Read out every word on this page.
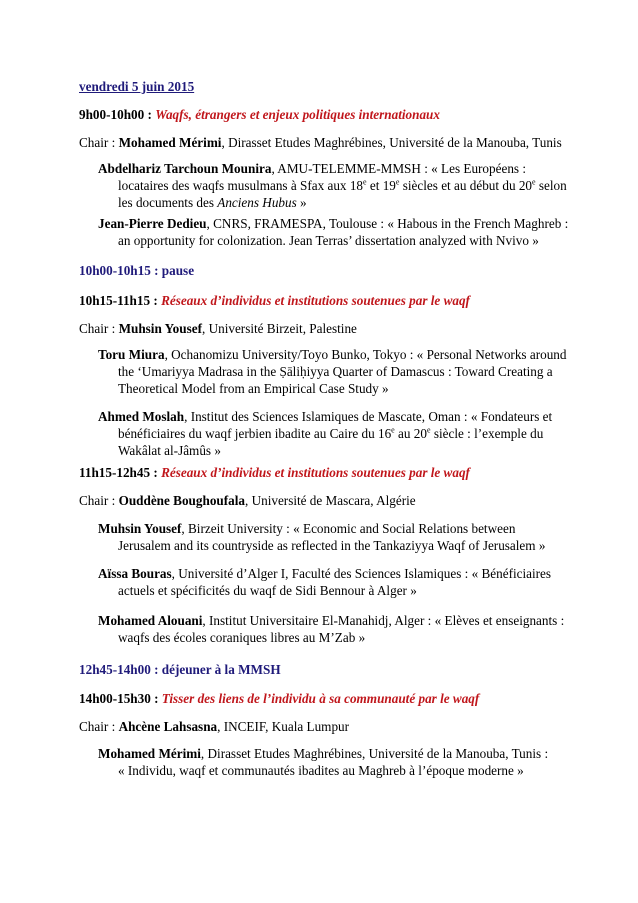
vendredi 5 juin 2015
9h00-10h00 : Waqfs, étrangers et enjeux politiques internationaux
Chair : Mohamed Mérimi, Dirasset Etudes Maghrébines, Université de la Manouba, Tunis
Abdelhariz Tarchoun Mounira, AMU-TELEMME-MMSH : « Les Européens :
locataires des waqfs musulmans à Sfax aux 18e et 19e siècles et au début du 20e selon
les documents des Anciens Hubus »
Jean-Pierre Dedieu, CNRS, FRAMESPA, Toulouse : « Habous in the French Maghreb :
an opportunity for colonization. Jean Terras’ dissertation analyzed with Nvivo »
10h00-10h15 : pause
10h15-11h15 : Réseaux d’individus et institutions soutenues par le waqf
Chair : Muhsin Yousef, Université Birzeit, Palestine
Toru Miura, Ochanomizu University/Toyo Bunko, Tokyo : « Personal Networks around
the ‘Umariyya Madrasa in the Ṣāliḥiyya Quarter of Damascus : Toward Creating a
Theoretical Model from an Empirical Case Study »
Ahmed Moslah, Institut des Sciences Islamiques de Mascate, Oman : « Fondateurs et
bénéficiaires du waqf jerbien ibadite au Caire du 16e au 20e siècle : l’exemple du
Wakâlat al-Jâmûs »
11h15-12h45 : Réseaux d’individus et institutions soutenues par le waqf
Chair : Ouddène Boughoufala, Université de Mascara, Algérie
Muhsin Yousef, Birzeit University : « Economic and Social Relations between
Jerusalem and its countryside as reflected in the Tankaziyya Waqf of Jerusalem »
Aïssa Bouras, Université d’Alger I, Faculté des Sciences Islamiques : « Bénéficiaires
actuels et spécificités du waqf de Sidi Bennour à Alger »
Mohamed Alouani, Institut Universitaire El-Manahidj, Alger : « Elèves et enseignants :
waqfs des écoles coraniques libres au M’Zab »
12h45-14h00 : déjeuner à la MMSH
14h00-15h30 : Tisser des liens de l’individu à sa communauté par le waqf
Chair : Ahcène Lahsasna, INCEIF, Kuala Lumpur
Mohamed Mérimi, Dirasset Etudes Maghrébines, Université de la Manouba, Tunis :
« Individu, waqf et communautés ibadites au Maghreb à l’époque moderne »
